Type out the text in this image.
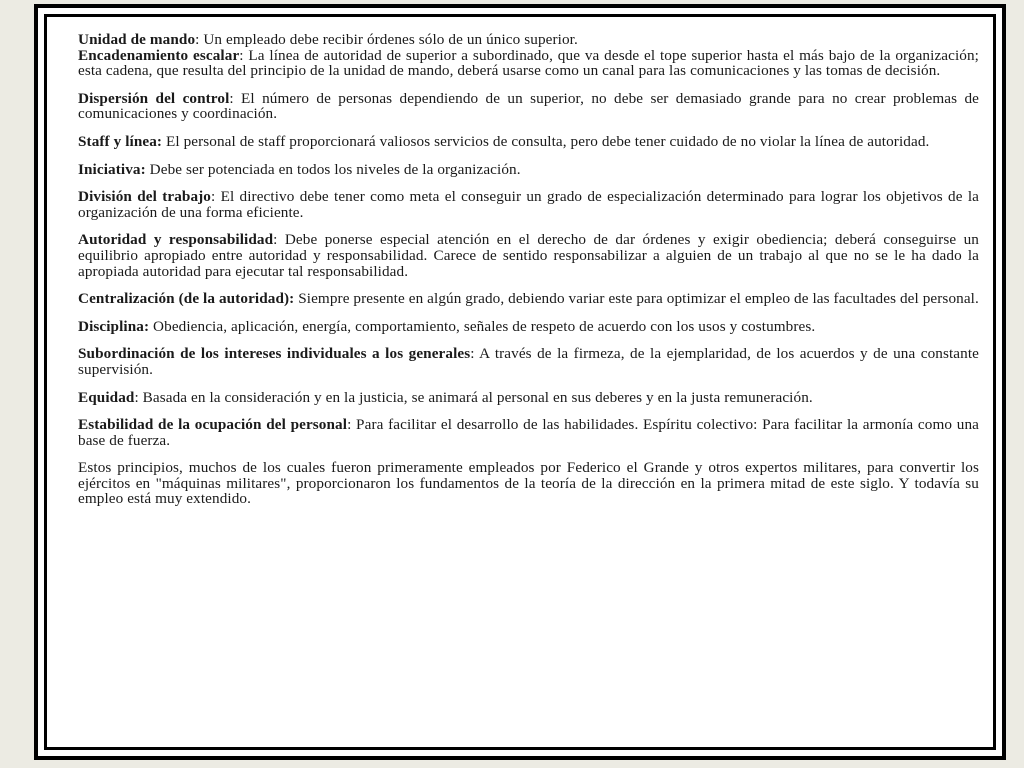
Unidad de mando: Un empleado debe recibir órdenes sólo de un único superior.

Encadenamiento escalar: La línea de autoridad de superior a subordinado, que va desde el tope superior hasta el más bajo de la organización; esta cadena, que resulta del principio de la unidad de mando, deberá usarse como un canal para las comunicaciones y las tomas de decisión.

Dispersión del control: El número de personas dependiendo de un superior, no debe ser demasiado grande para no crear problemas de comunicaciones y coordinación.

Staff y línea: El personal de staff proporcionará valiosos servicios de consulta, pero debe tener cuidado de no violar la línea de autoridad.

Iniciativa: Debe ser potenciada en todos los niveles de la organización.

División del trabajo: El directivo debe tener como meta el conseguir un grado de especialización determinado para lograr los objetivos de la organización de una forma eficiente.

Autoridad y responsabilidad: Debe ponerse especial atención en el derecho de dar órdenes y exigir obediencia; deberá conseguirse un equilibrio apropiado entre autoridad y responsabilidad. Carece de sentido responsabilizar a alguien de un trabajo al que no se le ha dado la apropiada autoridad para ejecutar tal responsabilidad.

Centralización (de la autoridad): Siempre presente en algún grado, debiendo variar este para optimizar el empleo de las facultades del personal.

Disciplina: Obediencia, aplicación, energía, comportamiento, señales de respeto de acuerdo con los usos y costumbres.

Subordinación de los intereses individuales a los generales: A través de la firmeza, de la ejemplaridad, de los acuerdos y de una constante supervisión.

Equidad: Basada en la consideración y en la justicia, se animará al personal en sus deberes y en la justa remuneración.

Estabilidad de la ocupación del personal: Para facilitar el desarrollo de las habilidades. Espíritu colectivo: Para facilitar la armonía como una base de fuerza.

Estos principios, muchos de los cuales fueron primeramente empleados por Federico el Grande y otros expertos militares, para convertir los ejércitos en "máquinas militares", proporcionaron los fundamentos de la teoría de la dirección en la primera mitad de este siglo. Y todavía su empleo está muy extendido.
